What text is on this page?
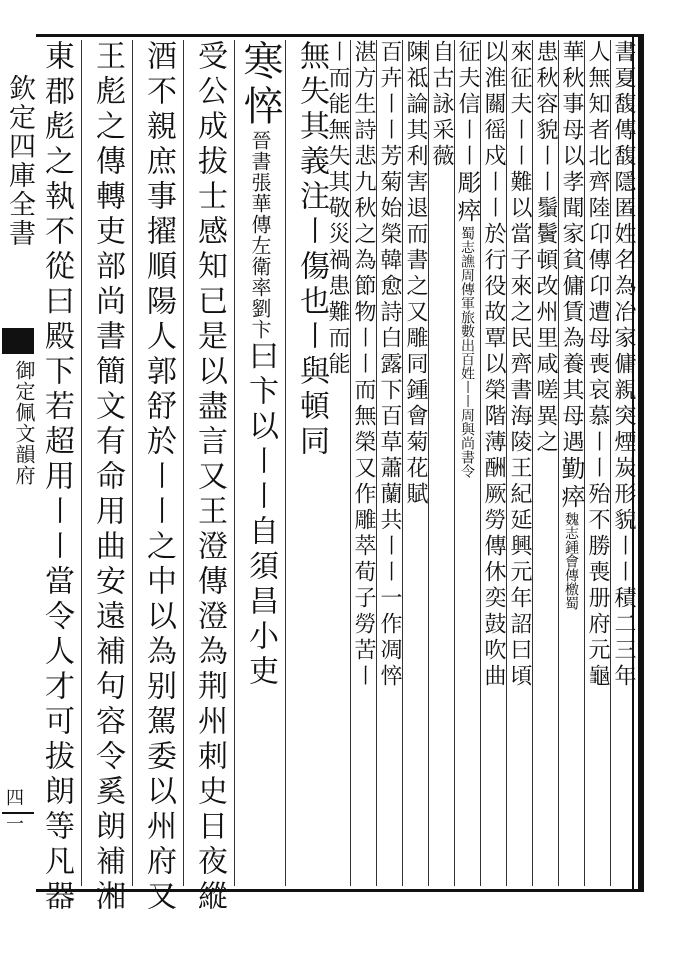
欽定四庫全書
御定佩文韻府
四一
書夏馥傳馥隱匿姓名為冶家傭親突煙炭形貌〡〡積二三年
人無知者北齊陸卬傳卬遭母喪哀慕〡〡殆不勝喪册府元龜
華秋事母以孝聞家貧傭賃為養其母遇勤瘁魏志鍾會傳檄蜀
患秋容貌〡〡鬚鬢頓改州里咸嗟異之
來征夫〡〡難以當子來之民齊書海陵王紀延興元年詔曰頃
以淮關徭戍〡〡於行役故覃以榮階薄酬厥勞傳休奕鼓吹曲
征夫信〡〡彫瘁蜀志譙周傳軍旅數出百姓〡〡周與尚書令
自古詠采薇
陳祗論其利害退而書之又雕同鍾會菊花賦
百卉〡〡芳菊始榮韓愈詩白露下百草蕭蘭共〡〡一作凋悴
湛方生詩悲九秋之為節物〡〡而無榮又作雕萃荀子勞苦〡
〡而能無失其敬災禍患難而能
無失其義注〡傷也〡與頓同
寒悴晉書張華傳左衛率劉卞曰卞以〡〡自須昌小吏
受公成拔士感知已是以盡言又王澄傳澄為荆州刺史日夜縱
酒不親庶事擢順陽人郭舒於〡〡之中以為别駕委以州府又
王彪之傳轉吏部尚書簡文有命用曲安遠補句容令奚朗補湘
東郡彪之執不從曰殿下若超用〡〡當令人才可拔朗等凡器
